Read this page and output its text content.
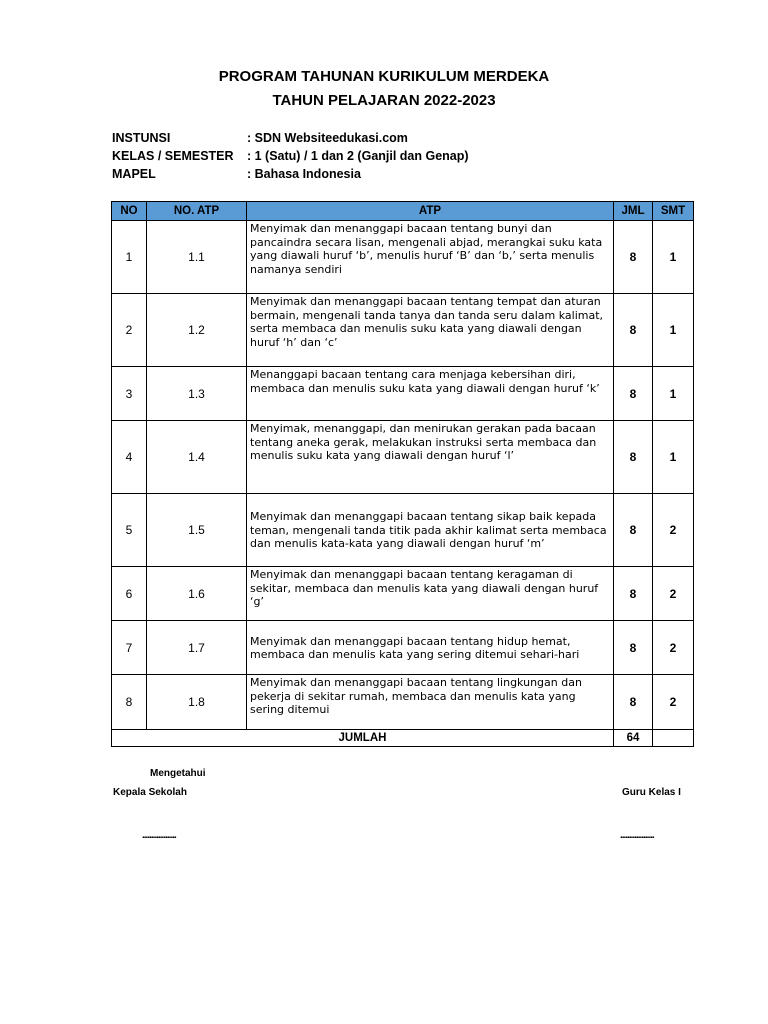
PROGRAM TAHUNAN KURIKULUM MERDEKA
TAHUN PELAJARAN 2022-2023
INSTUNSI	: SDN Websiteedukasi.com
KELAS / SEMESTER	: 1 (Satu) / 1 dan 2 (Ganjil dan Genap)
MAPEL	: Bahasa Indonesia
NO	NO. ATP	ATP	JML	SMT
1	1.1	Menyimak dan menanggapi bacaan tentang bunyi dan pancaindra secara lisan, mengenali abjad, merangkai suku kata yang diawali huruf ‘b’, menulis huruf ‘B’ dan ‘b,’ serta menulis namanya sendiri	8	1
2	1.2	Menyimak dan menanggapi bacaan tentang tempat dan aturan bermain, mengenali tanda tanya dan tanda seru dalam kalimat, serta membaca dan menulis suku kata yang diawali dengan huruf ‘h’ dan ‘c’	8	1
3	1.3	Menanggapi bacaan tentang cara menjaga kebersihan diri, membaca dan menulis suku kata yang diawali dengan huruf ‘k’	8	1
4	1.4	Menyimak, menanggapi, dan menirukan gerakan pada bacaan tentang aneka gerak, melakukan instruksi serta membaca dan menulis suku kata yang diawali dengan huruf ‘l’	8	1
5	1.5	Menyimak dan menanggapi bacaan tentang sikap baik kepada teman, mengenali tanda titik pada akhir kalimat serta membaca dan menulis kata-kata yang diawali dengan huruf ‘m’	8	2
6	1.6	Menyimak dan menanggapi bacaan tentang keragaman di sekitar, membaca dan menulis kata yang diawali dengan huruf ‘g’	8	2
7	1.7	Menyimak dan menanggapi bacaan tentang hidup hemat, membaca dan menulis kata yang sering ditemui sehari-hari	8	2
8	1.8	Menyimak dan menanggapi bacaan tentang lingkungan dan pekerja di sekitar rumah, membaca dan menulis kata yang sering ditemui	8	2
JUMLAH			64	
Mengetahui
Kepala Sekolah	Guru Kelas I
...................	...................
